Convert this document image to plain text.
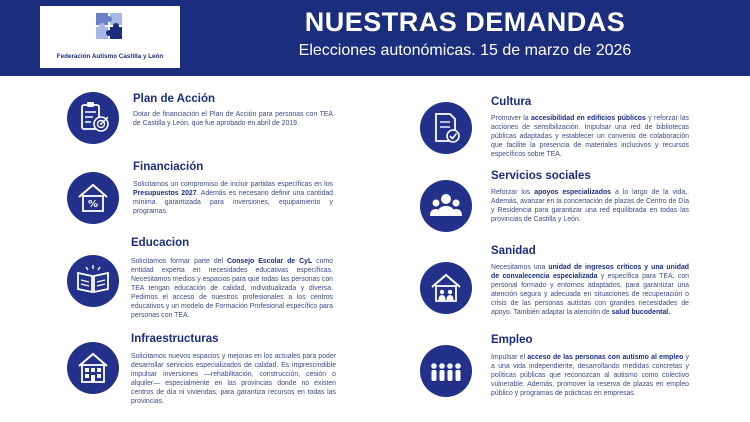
Federación Autismo Castilla y León
NUESTRAS DEMANDAS
Elecciones autonómicas. 15 de marzo de 2026
Plan de Acción
Dotar de financiación el Plan de Acción para personas con TEA de Castilla y León, que fue aprobado en abril de 2019.
%
Financiación
Solicitamos un compromiso de incluir partidas específicas en los Presupuestos 2027. Además es necesario definir una cantidad mínima garantizada para inversiones, equipamiento y programas.
Educacion
Solicitamos formar parte del Consejo Escolar de CyL como entidad experta en necesidades educativas específicas. Necesitamos medios y espacios para que todas las personas con TEA tengan educación de calidad, individualizada y diversa. Pedimos el acceso de nuestros profesionales a los centros educativos y un modelo de Formación Profesional específico para personas con TEA.
Infraestructuras
Solicitamos nuevos espacios y mejoras en los actuales para poder desarrollar servicios especializados de calidad. Es imprescindible impulsar inversiones —rehabilitación, construcción, cesión o alquiler— especialmente en las provincias donde no existen centros de día ni viviendas, para garantiza recursos en todas las provincias.
Cultura
Promover la accesibilidad en edificios públicos y reforzar las acciones de sensibilización. Impulsar una red de bibliotecas públicas adaptadas y establecer un convenio de colaboración que facilite la presencia de materiales inclusivos y recursos específicos sobre TEA.
Servicios sociales
Reforzar los apoyos especializados a lo largo de la vida,. Además, avanzar en la concertación de plazas de Centro de Día y Residencia para garantizar una red equilibrada en todas las provincias de Castilla y León.
Sanidad
Necesitamos una unidad de ingresos críticos y una unidad de convalecencia especializada y específica para TEA, con personal formado y entornos adaptados, para garantizar una atención segura y adecuada en situaciones de recuperación o crisis de las personas autistas con grandes necesidades de apoyo. También adaptar la atención de salud bucodental.
Empleo
Impulsar el acceso de las personas con autismo al empleo y a una vida independiente, desarrollando medidas concretas y políticas públicas que reconozcan al autismo como colectivo vulnerable. Además, promover la reserva de plazas en empleo público y programas de prácticas en empresas.
